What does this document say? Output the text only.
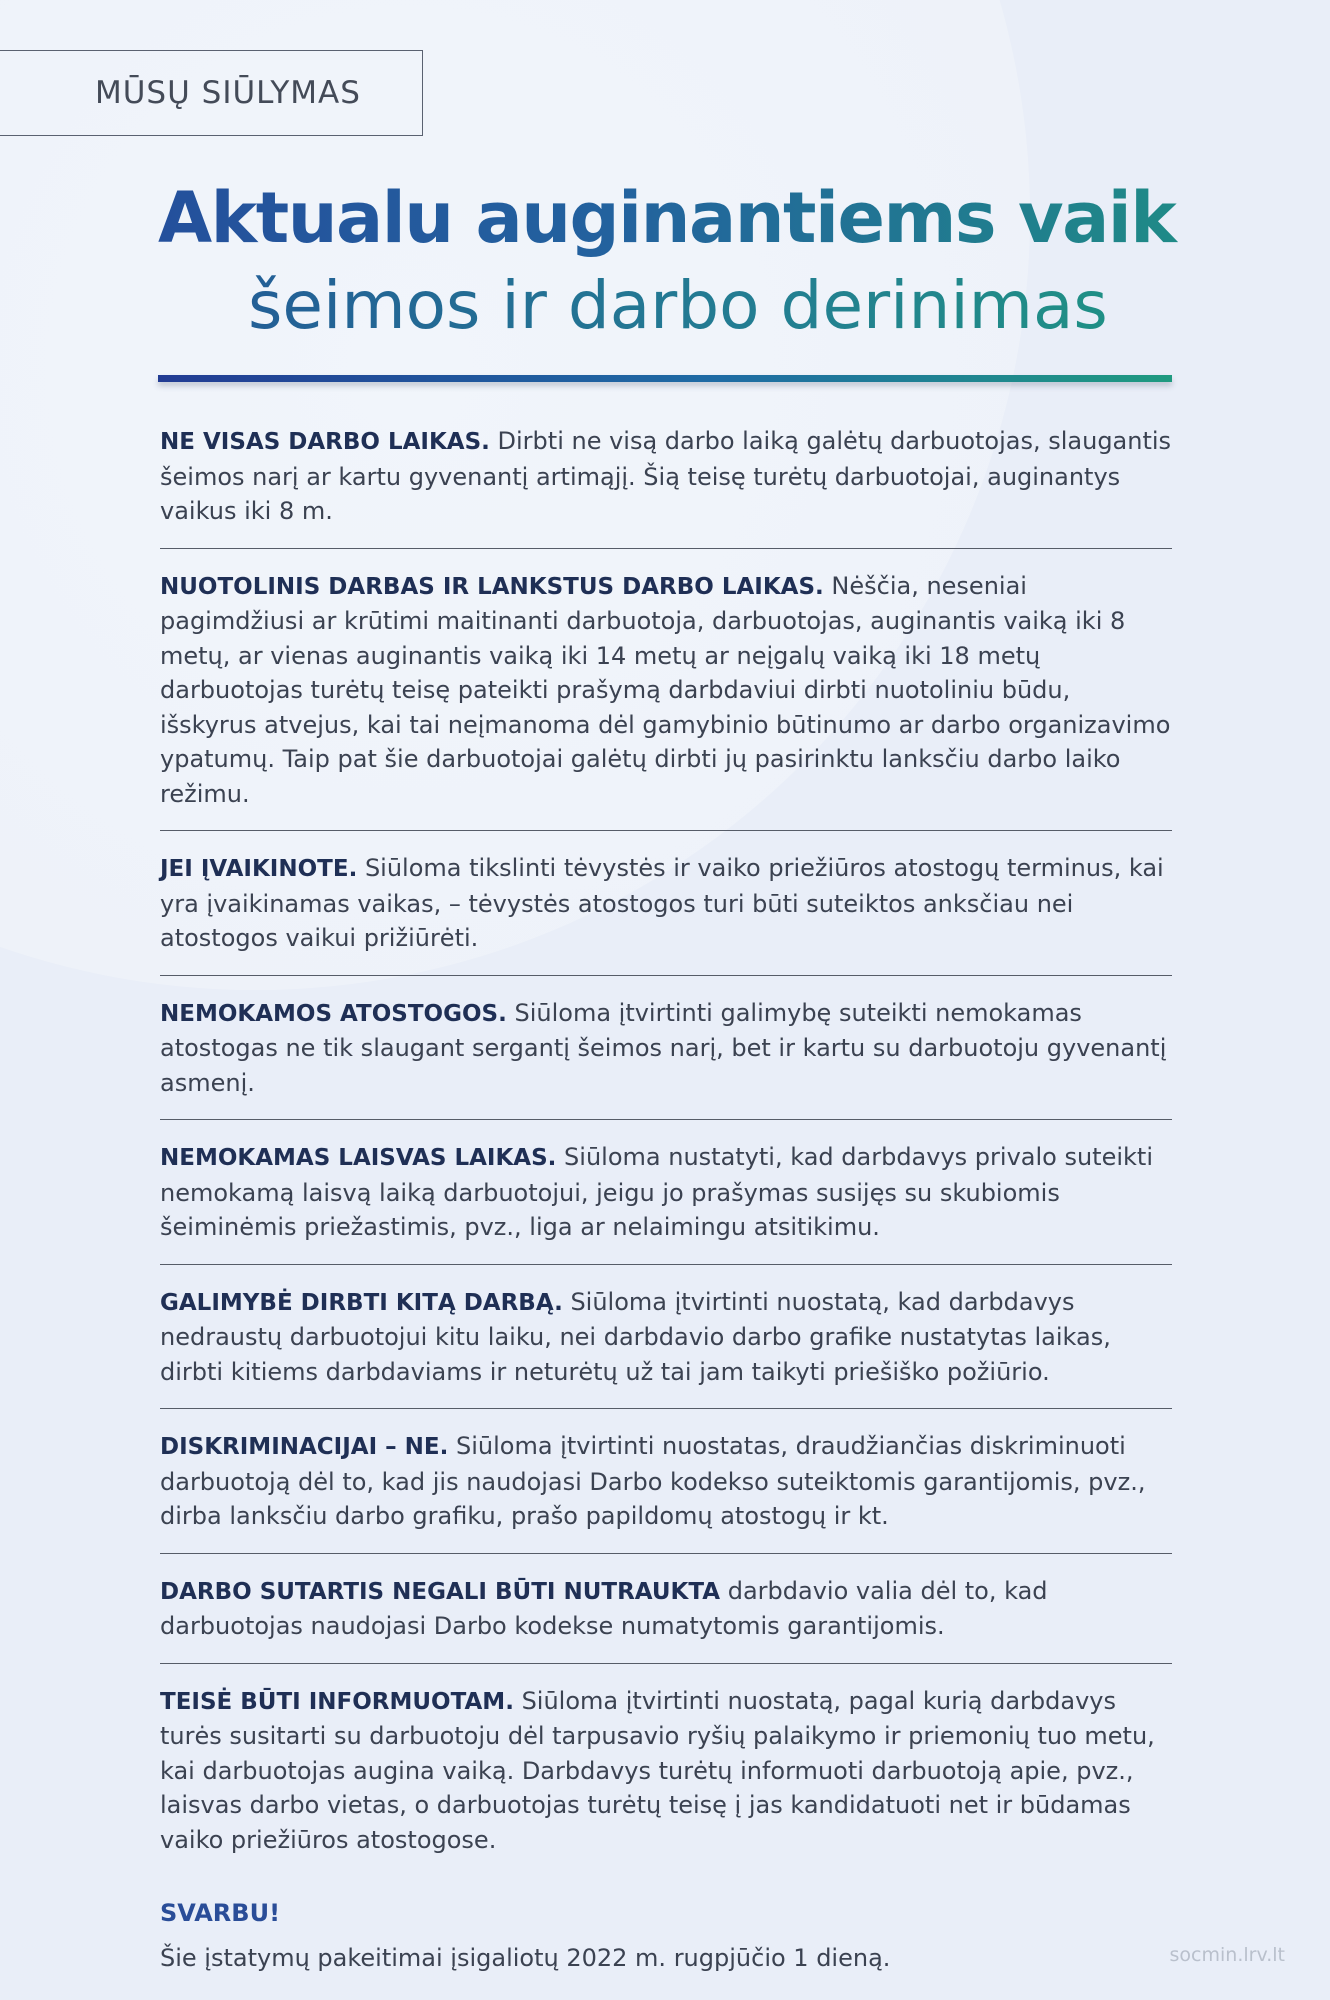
MŪSŲ SIŪLYMAS
Aktualu auginantiems vaikus:
šeimos ir darbo derinimas
NE VISAS DARBO LAIKAS. Dirbti ne visą darbo laiką galėtų darbuotojas, slaugantis šeimos narį ar kartu gyvenantį artimąjį. Šią teisę turėtų darbuotojai, auginantys vaikus iki 8 m.
NUOTOLINIS DARBAS IR LANKSTUS DARBO LAIKAS. Nėščia, neseniai pagimdžiusi ar krūtimi maitinanti darbuotoja, darbuotojas, auginantis vaiką iki 8 metų, ar vienas auginantis vaiką iki 14 metų ar neįgalų vaiką iki 18 metų darbuotojas turėtų teisę pateikti prašymą darbdaviui dirbti nuotoliniu būdu, išskyrus atvejus, kai tai neįmanoma dėl gamybinio būtinumo ar darbo organizavimo ypatumų. Taip pat šie darbuotojai galėtų dirbti jų pasirinktu lanksčiu darbo laiko režimu.
JEI ĮVAIKINOTE. Siūloma tikslinti tėvystės ir vaiko priežiūros atostogų terminus, kai yra įvaikinamas vaikas, – tėvystės atostogos turi būti suteiktos anksčiau nei atostogos vaikui prižiūrėti.
NEMOKAMOS ATOSTOGOS. Siūloma įtvirtinti galimybę suteikti nemokamas atostogas ne tik slaugant sergantį šeimos narį, bet ir kartu su darbuotoju gyvenantį asmenį.
NEMOKAMAS LAISVAS LAIKAS. Siūloma nustatyti, kad darbdavys privalo suteikti nemokamą laisvą laiką darbuotojui, jeigu jo prašymas susijęs su skubiomis šeiminėmis priežastimis, pvz., liga ar nelaimingu atsitikimu.
GALIMYBĖ DIRBTI KITĄ DARBĄ. Siūloma įtvirtinti nuostatą, kad darbdavys nedraustų darbuotojui kitu laiku, nei darbdavio darbo grafike nustatytas laikas, dirbti kitiems darbdaviams ir neturėtų už tai jam taikyti priešiško požiūrio.
DISKRIMINACIJAI – NE. Siūloma įtvirtinti nuostatas, draudžiančias diskriminuoti darbuotoją dėl to, kad jis naudojasi Darbo kodekso suteiktomis garantijomis, pvz., dirba lanksčiu darbo grafiku, prašo papildomų atostogų ir kt.
DARBO SUTARTIS NEGALI BŪTI NUTRAUKTA darbdavio valia dėl to, kad darbuotojas naudojasi Darbo kodekse numatytomis garantijomis.
TEISĖ BŪTI INFORMUOTAM. Siūloma įtvirtinti nuostatą, pagal kurią darbdavys turės susitarti su darbuotoju dėl tarpusavio ryšių palaikymo ir priemonių tuo metu, kai darbuotojas augina vaiką. Darbdavys turėtų informuoti darbuotoją apie, pvz., laisvas darbo vietas, o darbuotojas turėtų teisę į jas kandidatuoti net ir būdamas vaiko priežiūros atostogose.
SVARBU!
Šie įstatymų pakeitimai įsigaliotų 2022 m. rugpjūčio 1 dieną.	socmin.lrv.lt
